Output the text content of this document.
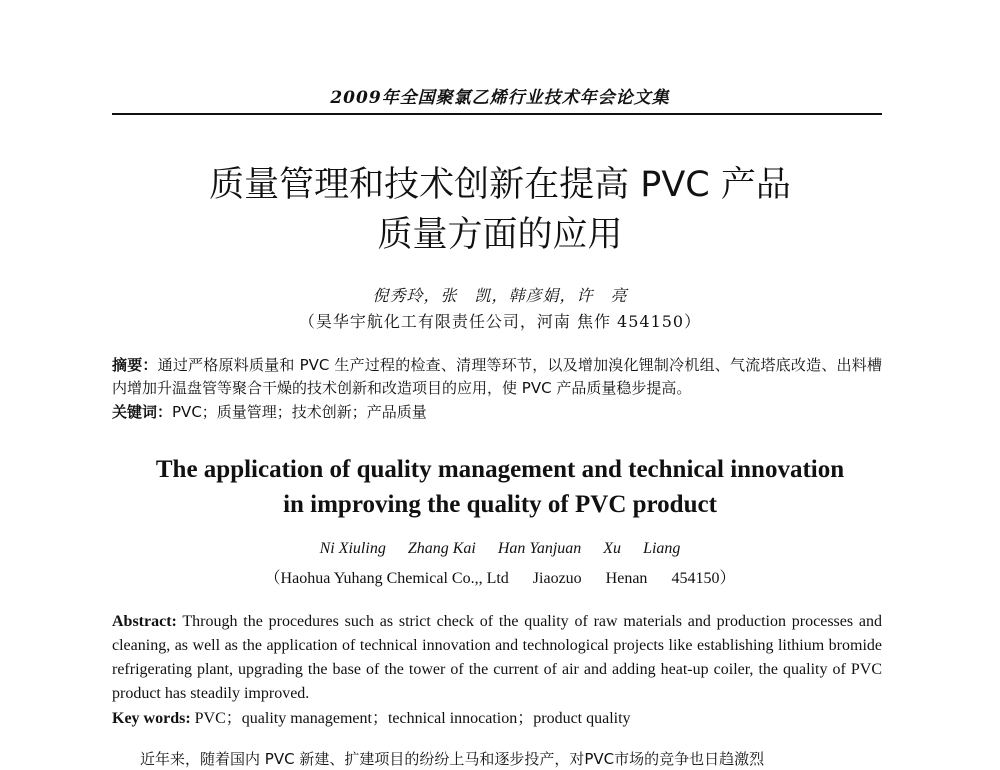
2009年全国聚氯乙烯行业技术年会论文集
质量管理和技术创新在提高 PVC 产品
质量方面的应用
倪秀玲，张　凯，韩彦娟，许　亮
（昊华宇航化工有限责任公司，河南 焦作 454150）
摘要：通过严格原料质量和 PVC 生产过程的检查、清理等环节，以及增加溴化锂制冷机组、气流塔底改造、出料槽内增加升温盘管等聚合干燥的技术创新和改造项目的应用，使 PVC 产品质量稳步提高。
关键词：PVC；质量管理；技术创新；产品质量
The application of quality management and technical innovation
in improving the quality of PVC product
Ni Xiuling Zhang Kai Han Yanjuan Xu Liang
（Haohua Yuhang Chemical Co.,, Ltd Jiaozuo Henan 454150）
Abstract: Through the procedures such as strict check of the quality of raw materials and production processes and cleaning, as well as the application of technical innovation and technological projects like establishing lithium bromide refrigerating plant, upgrading the base of the tower of the current of air and adding heat-up coiler, the quality of PVC product has steadily improved.
Key words: PVC；quality management；technical innocation；product quality
近年来，随着国内 PVC 新建、扩建项目的纷纷上马和逐步投产，对PVC市场的竞争也日趋激烈
